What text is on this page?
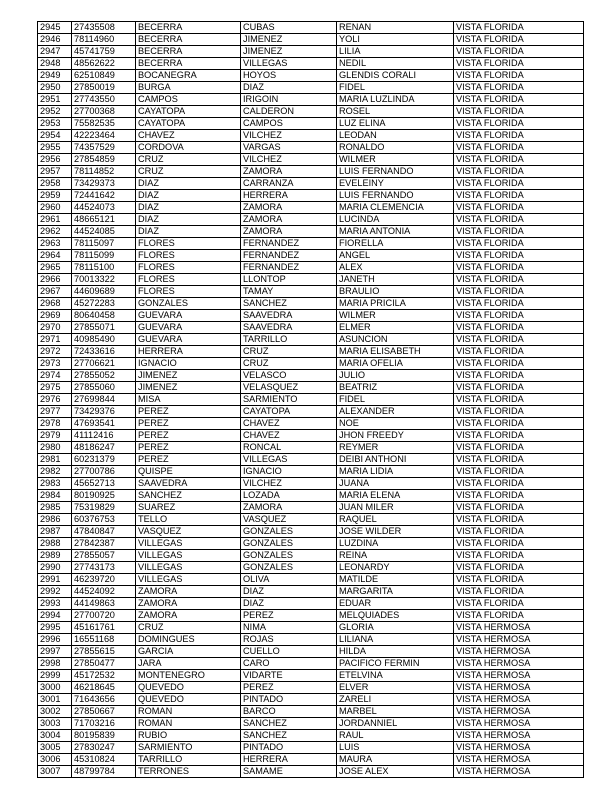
2945	27435508	BECERRA	CUBAS	RENAN	VISTA FLORIDA
2946	78114960	BECERRA	JIMENEZ	YOLI	VISTA FLORIDA
2947	45741759	BECERRA	JIMENEZ	LILIA	VISTA FLORIDA
2948	48562622	BECERRA	VILLEGAS	NEDIL	VISTA FLORIDA
2949	62510849	BOCANEGRA	HOYOS	GLENDIS CORALI	VISTA FLORIDA
2950	27850019	BURGA	DIAZ	FIDEL	VISTA FLORIDA
2951	27743550	CAMPOS	IRIGOIN	MARIA LUZLINDA	VISTA FLORIDA
2952	27700368	CAYATOPA	CALDERON	ROSEL	VISTA FLORIDA
2953	75582535	CAYATOPA	CAMPOS	LUZ ELINA	VISTA FLORIDA
2954	42223464	CHAVEZ	VILCHEZ	LEODAN	VISTA FLORIDA
2955	74357529	CORDOVA	VARGAS	RONALDO	VISTA FLORIDA
2956	27854859	CRUZ	VILCHEZ	WILMER	VISTA FLORIDA
2957	78114852	CRUZ	ZAMORA	LUIS FERNANDO	VISTA FLORIDA
2958	73429373	DIAZ	CARRANZA	EVELEINY	VISTA FLORIDA
2959	72441642	DIAZ	HERRERA	LUIS FERNANDO	VISTA FLORIDA
2960	44524073	DIAZ	ZAMORA	MARIA CLEMENCIA	VISTA FLORIDA
2961	48665121	DIAZ	ZAMORA	LUCINDA	VISTA FLORIDA
2962	44524085	DIAZ	ZAMORA	MARIA ANTONIA	VISTA FLORIDA
2963	78115097	FLORES	FERNANDEZ	FIORELLA	VISTA FLORIDA
2964	78115099	FLORES	FERNANDEZ	ANGEL	VISTA FLORIDA
2965	78115100	FLORES	FERNANDEZ	ALEX	VISTA FLORIDA
2966	70013322	FLORES	LLONTOP	JANETH	VISTA FLORIDA
2967	44609689	FLORES	TAMAY	BRAULIO	VISTA FLORIDA
2968	45272283	GONZALES	SANCHEZ	MARIA PRICILA	VISTA FLORIDA
2969	80640458	GUEVARA	SAAVEDRA	WILMER	VISTA FLORIDA
2970	27855071	GUEVARA	SAAVEDRA	ELMER	VISTA FLORIDA
2971	40985490	GUEVARA	TARRILLO	ASUNCION	VISTA FLORIDA
2972	72433616	HERRERA	CRUZ	MARIA ELISABETH	VISTA FLORIDA
2973	27706621	IGNACIO	CRUZ	MARIA OFELIA	VISTA FLORIDA
2974	27855052	JIMENEZ	VELASCO	JULIO	VISTA FLORIDA
2975	27855060	JIMENEZ	VELASQUEZ	BEATRIZ	VISTA FLORIDA
2976	27699844	MISA	SARMIENTO	FIDEL	VISTA FLORIDA
2977	73429376	PEREZ	CAYATOPA	ALEXANDER	VISTA FLORIDA
2978	47693541	PEREZ	CHAVEZ	NOE	VISTA FLORIDA
2979	41112416	PEREZ	CHAVEZ	JHON FREEDY	VISTA FLORIDA
2980	48186247	PEREZ	RONCAL	REYMER	VISTA FLORIDA
2981	60231379	PEREZ	VILLEGAS	DEIBI ANTHONI	VISTA FLORIDA
2982	27700786	QUISPE	IGNACIO	MARIA LIDIA	VISTA FLORIDA
2983	45652713	SAAVEDRA	VILCHEZ	JUANA	VISTA FLORIDA
2984	80190925	SANCHEZ	LOZADA	MARIA ELENA	VISTA FLORIDA
2985	75319829	SUAREZ	ZAMORA	JUAN MILER	VISTA FLORIDA
2986	60376753	TELLO	VASQUEZ	RAQUEL	VISTA FLORIDA
2987	47840847	VASQUEZ	GONZALES	JOSE WILDER	VISTA FLORIDA
2988	27842387	VILLEGAS	GONZALES	LUZDINA	VISTA FLORIDA
2989	27855057	VILLEGAS	GONZALES	REINA	VISTA FLORIDA
2990	27743173	VILLEGAS	GONZALES	LEONARDY	VISTA FLORIDA
2991	46239720	VILLEGAS	OLIVA	MATILDE	VISTA FLORIDA
2992	44524092	ZAMORA	DIAZ	MARGARITA	VISTA FLORIDA
2993	44149863	ZAMORA	DIAZ	EDUAR	VISTA FLORIDA
2994	27700720	ZAMORA	PEREZ	MELQUIADES	VISTA FLORIDA
2995	45161761	CRUZ	NIMA	GLORIA	VISTA HERMOSA
2996	16551168	DOMINGUES	ROJAS	LILIANA	VISTA HERMOSA
2997	27855615	GARCIA	CUELLO	HILDA	VISTA HERMOSA
2998	27850477	JARA	CARO	PACIFICO FERMIN	VISTA HERMOSA
2999	45172532	MONTENEGRO	VIDARTE	ETELVINA	VISTA HERMOSA
3000	46218645	QUEVEDO	PEREZ	ELVER	VISTA HERMOSA
3001	71643656	QUEVEDO	PINTADO	ZARELI	VISTA HERMOSA
3002	27850667	ROMAN	BARCO	MARBEL	VISTA HERMOSA
3003	71703216	ROMAN	SANCHEZ	JORDANNIEL	VISTA HERMOSA
3004	80195839	RUBIO	SANCHEZ	RAUL	VISTA HERMOSA
3005	27830247	SARMIENTO	PINTADO	LUIS	VISTA HERMOSA
3006	45310824	TARRILLO	HERRERA	MAURA	VISTA HERMOSA
3007	48799784	TERRONES	SAMAME	JOSE ALEX	VISTA HERMOSA
